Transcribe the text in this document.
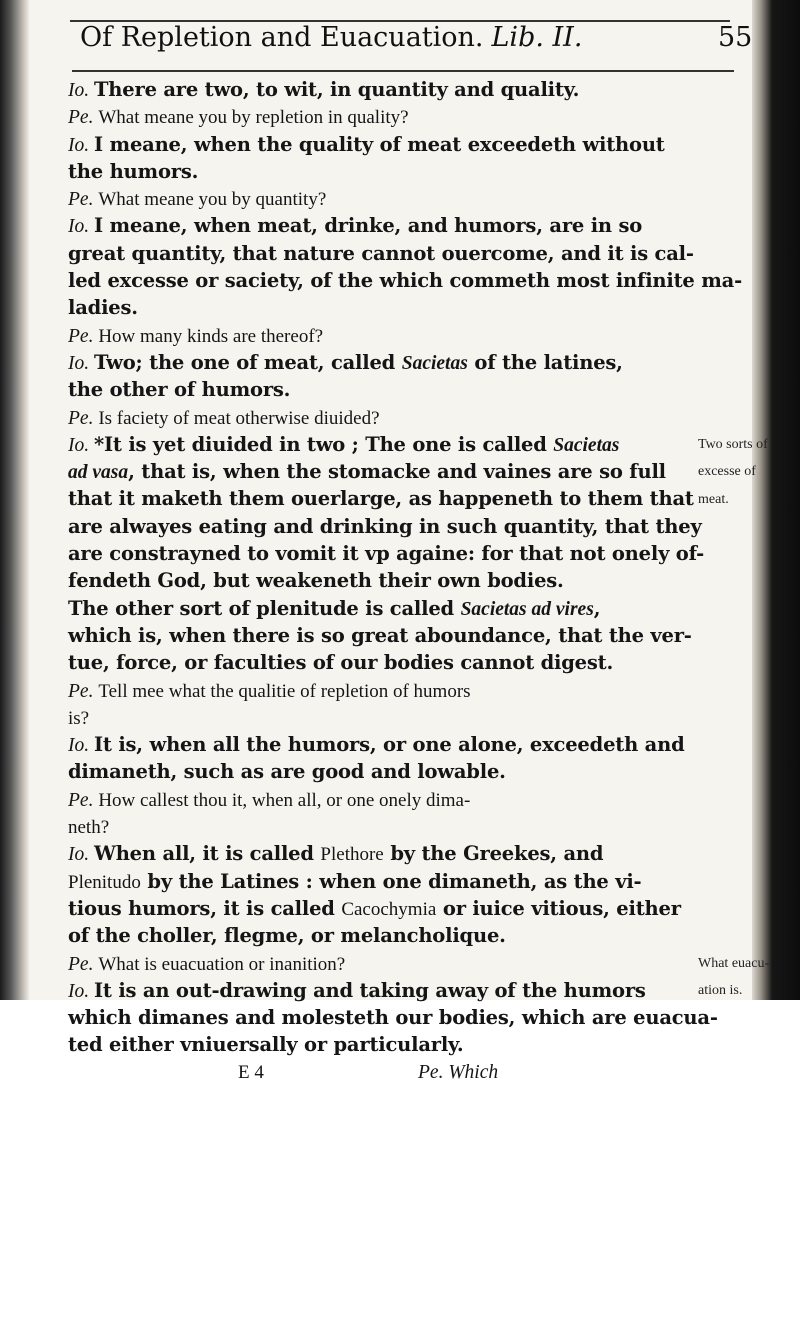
Of Repletion and Euacuation. Lib. II.	55
Io. There are two, to wit, in quantity and quality.
Pe. What meane you by repletion in quality?
Io. I meane, when the quality of meat exceedeth without
the humors.
Pe. What meane you by quantity?
Io. I meane, when meat, drinke, and humors, are in so
great quantity, that nature cannot ouercome, and it is cal-
led excesse or saciety, of the which commeth most infinite ma-
ladies.
Pe. How many kinds are thereof?
Io. Two; the one of meat, called Sacietas of the latines,
the other of humors.
Pe. Is faciety of meat otherwise diuided?
Io. *It is yet diuided in two ; The one is called Sacietas
ad vasa, that is, when the stomacke and vaines are so full
that it maketh them ouerlarge, as happeneth to them that
are alwayes eating and drinking in such quantity, that they
are constrayned to vomit it vp againe: for that not onely of-
fendeth God, but weakeneth their own bodies.
The other sort of plenitude is called Sacietas ad vires,
which is, when there is so great aboundance, that the ver-
tue, force, or faculties of our bodies cannot digest.
Pe. Tell mee what the qualitie of repletion of humors
is?
Io. It is, when all the humors, or one alone, exceedeth and
dimaneth, such as are good and lowable.
Pe. How callest thou it, when all, or one onely dima-
neth?
Io. When all, it is called Plethore by the Greekes, and
Plenitudo by the Latines : when one dimaneth, as the vi-
tious humors, it is called Cacochymia or iuice vitious, either
of the choller, flegme, or melancholique.
Pe. What is euacuation or inanition?
Io. It is an out-drawing and taking away of the humors
which dimanes and molesteth our bodies, which are euacua-
ted either vniuersally or particularly.
E 4	Pe. Which
Two sorts of
excesse of
meat.
What euacu-
ation is.
